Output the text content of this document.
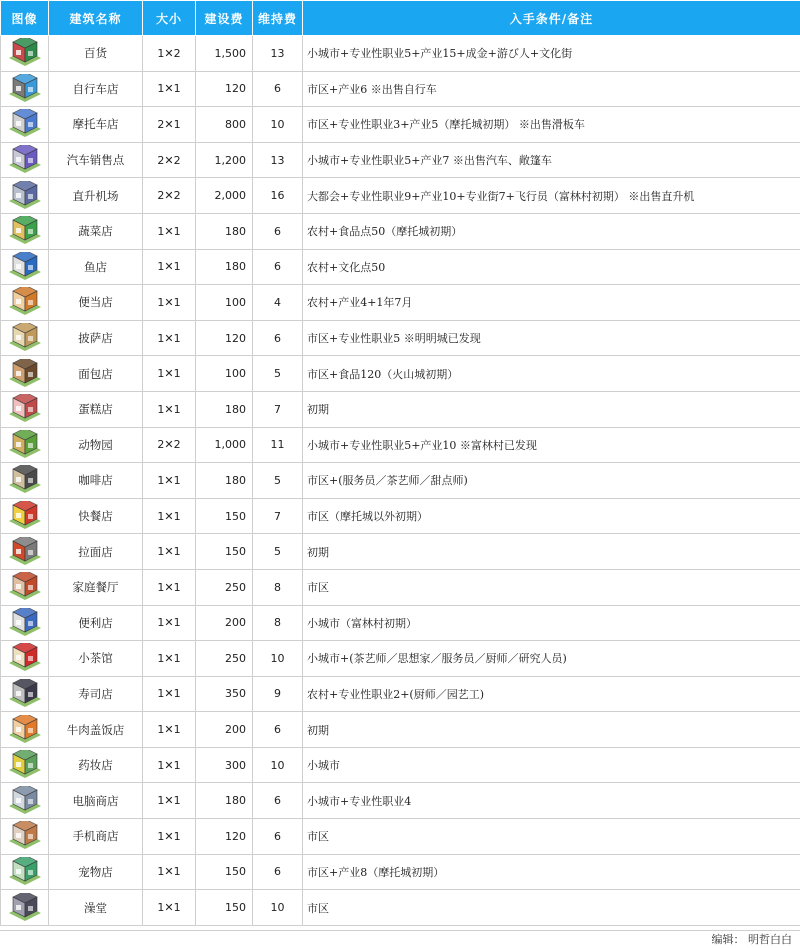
图像	建筑名称	大小	建设费	维持费	入手条件/备注
	百货	1✕2	1,500	13	小城市+专业性职业5+产业15+成金+游び人+文化街
	自行车店	1✕1	120	6	市区+产业6 ※出售自行车
	摩托车店	2✕1	800	10	市区+专业性职业3+产业5（摩托城初期） ※出售滑板车
	汽车销售点	2✕2	1,200	13	小城市+专业性职业5+产业7 ※出售汽车、敞篷车
	直升机场	2✕2	2,000	16	大都会+专业性职业9+产业10+专业街7+飞行员（富林村初期） ※出售直升机
	蔬菜店	1✕1	180	6	农村+食品点50（摩托城初期）
	鱼店	1✕1	180	6	农村+文化点50
	便当店	1✕1	100	4	农村+产业4+1年7月
	披萨店	1✕1	120	6	市区+专业性职业5 ※明明城已发现
	面包店	1✕1	100	5	市区+食品120（火山城初期）
	蛋糕店	1✕1	180	7	初期
	动物园	2✕2	1,000	11	小城市+专业性职业5+产业10 ※富林村已发现
	咖啡店	1✕1	180	5	市区+(服务员／茶艺师／甜点师)
	快餐店	1✕1	150	7	市区（摩托城以外初期）
	拉面店	1✕1	150	5	初期
	家庭餐厅	1✕1	250	8	市区
	便利店	1✕1	200	8	小城市（富林村初期）
	小茶馆	1✕1	250	10	小城市+(茶艺师／思想家／服务员／厨师／研究人员)
	寿司店	1✕1	350	9	农村+专业性职业2+(厨师／园艺工)
	牛肉盖饭店	1✕1	200	6	初期
	药妆店	1✕1	300	10	小城市
	电脑商店	1✕1	180	6	小城市+专业性职业4
	手机商店	1✕1	120	6	市区
	宠物店	1✕1	150	6	市区+产业8（摩托城初期）
	澡堂	1✕1	150	10	市区
编辑： 明哲白白
